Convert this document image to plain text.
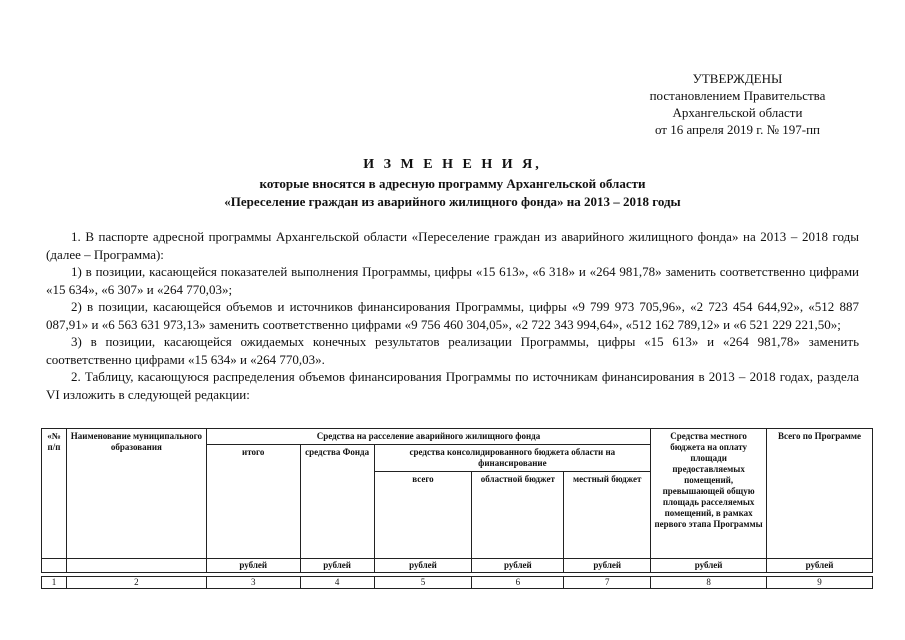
УТВЕРЖДЕНЫ
постановлением Правительства
Архангельской области
от 16 апреля 2019 г. № 197-пп
И З М Е Н Е Н И Я,
которые вносятся в адресную программу Архангельской области
«Переселение граждан из аварийного жилищного фонда» на 2013 – 2018 годы

1. В паспорте адресной программы Архангельской области «Переселение граждан из аварийного жилищного фонда» на 2013 – 2018 годы (далее – Программа):

1) в позиции, касающейся показателей выполнения Программы, цифры «15 613», «6 318» и «264 981,78» заменить соответственно цифрами «15 634», «6 307» и «264 770,03»;

2) в позиции, касающейся объемов и источников финансирования Программы, цифры «9 799 973 705,96», «2 723 454 644,92», «512 887 087,91» и «6 563 631 973,13» заменить соответственно цифрами «9 756 460 304,05», «2 722 343 994,64», «512 162 789,12» и «6 521 229 221,50»;

3) в позиции, касающейся ожидаемых конечных результатов реализации Программы, цифры «15 613» и «264 981,78» заменить соответственно цифрами «15 634» и «264 770,03».

2. Таблицу, касающуюся распределения объемов финансирования Программы по источникам финансирования в 2013 – 2018 годах, раздела VI изложить в следующей редакции:

«№ п/п	Наименование муниципального образования	Средства на расселение аварийного жилищного фонда					Средства местного бюджета на оплату площади предоставляемых помещений, превышающей общую площадь расселяемых помещений, в рамках первого этапа Программы	Всего по Программе
		итого	средства Фонда	средства консолидированного бюджета области на финансирование				
				всего	областной бюджет	местный бюджет		
		рублей	рублей	рублей	рублей	рублей	рублей	рублей

1	2	3	4	5	6	7	8	9
